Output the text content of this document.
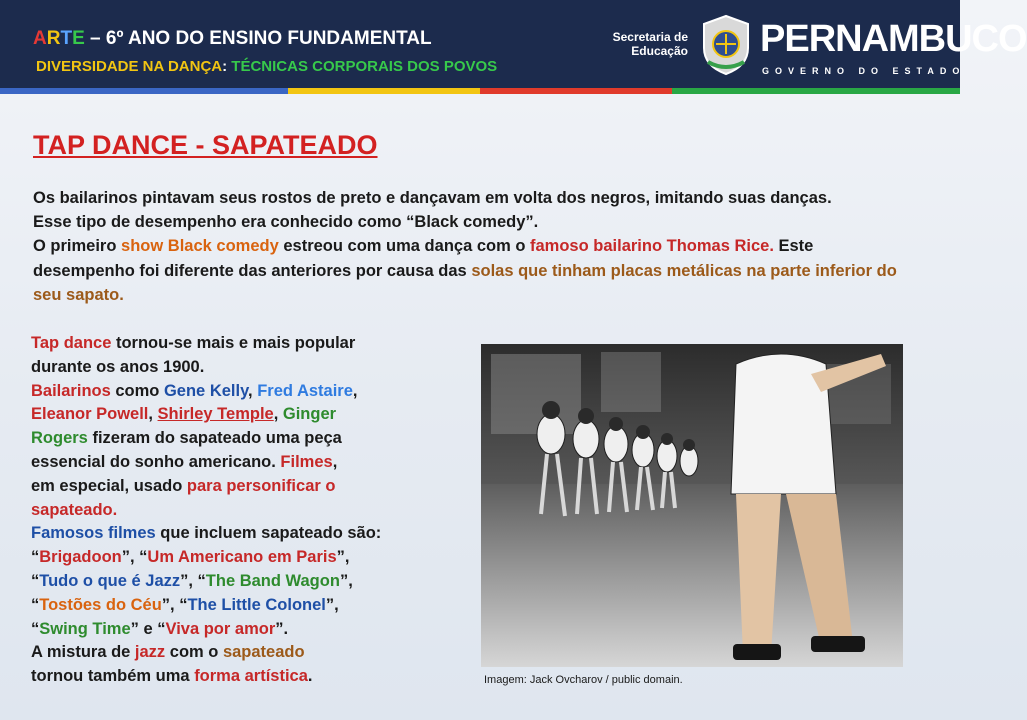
ARTE – 6º ANO DO ENSINO FUNDAMENTAL
DIVERSIDADE NA DANÇA: TÉCNICAS CORPORAIS DOS POVOS
Secretaria de Educação PERNAMBUCO
GOVERNO DO ESTADO
TAP DANCE - SAPATEADO
Os bailarinos pintavam seus rostos de preto e dançavam em volta dos negros, imitando suas danças.
Esse tipo de desempenho era conhecido como “Black comedy”.
O primeiro show Black comedy estreou com uma dança com o famoso bailarino Thomas Rice. Este desempenho foi diferente das anteriores por causa das solas que tinham placas metálicas na parte inferior do seu sapato.
Tap dance tornou-se mais e mais popular
durante os anos 1900.
Bailarinos como Gene Kelly, Fred Astaire,
Eleanor Powell, Shirley Temple, Ginger
Rogers fizeram do sapateado uma peça
essencial do sonho americano. Filmes,
em especial, usado para personificar o
sapateado.
Famosos filmes que incluem sapateado são:
“Brigadoon”, “Um Americano em Paris”,
“Tudo o que é Jazz”, “The Band Wagon”,
“Tostões do Céu”, “The Little Colonel”,
“Swing Time” e “Viva por amor”.
A mistura de jazz com o sapateado
tornou também uma forma artística.	Imagem: Jack Ovcharov / public domain.
